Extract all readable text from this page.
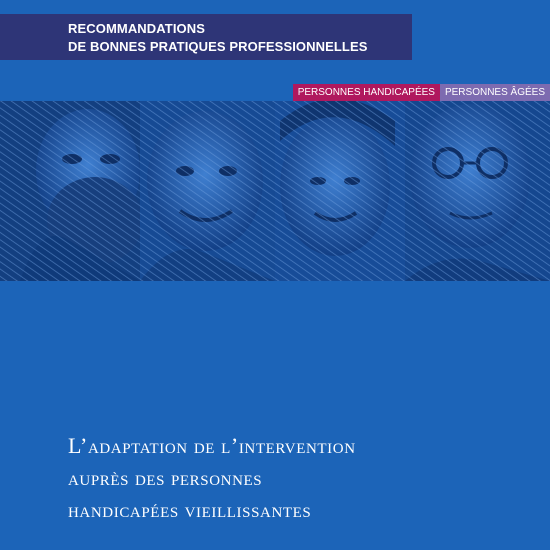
RECOMMANDATIONS
DE BONNES PRATIQUES PROFESSIONNELLES
PERSONNES HANDICAPÉES	PERSONNES ÂGÉES
L’adaptation de l’intervention
auprès des personnes
handicapées vieillissantes
